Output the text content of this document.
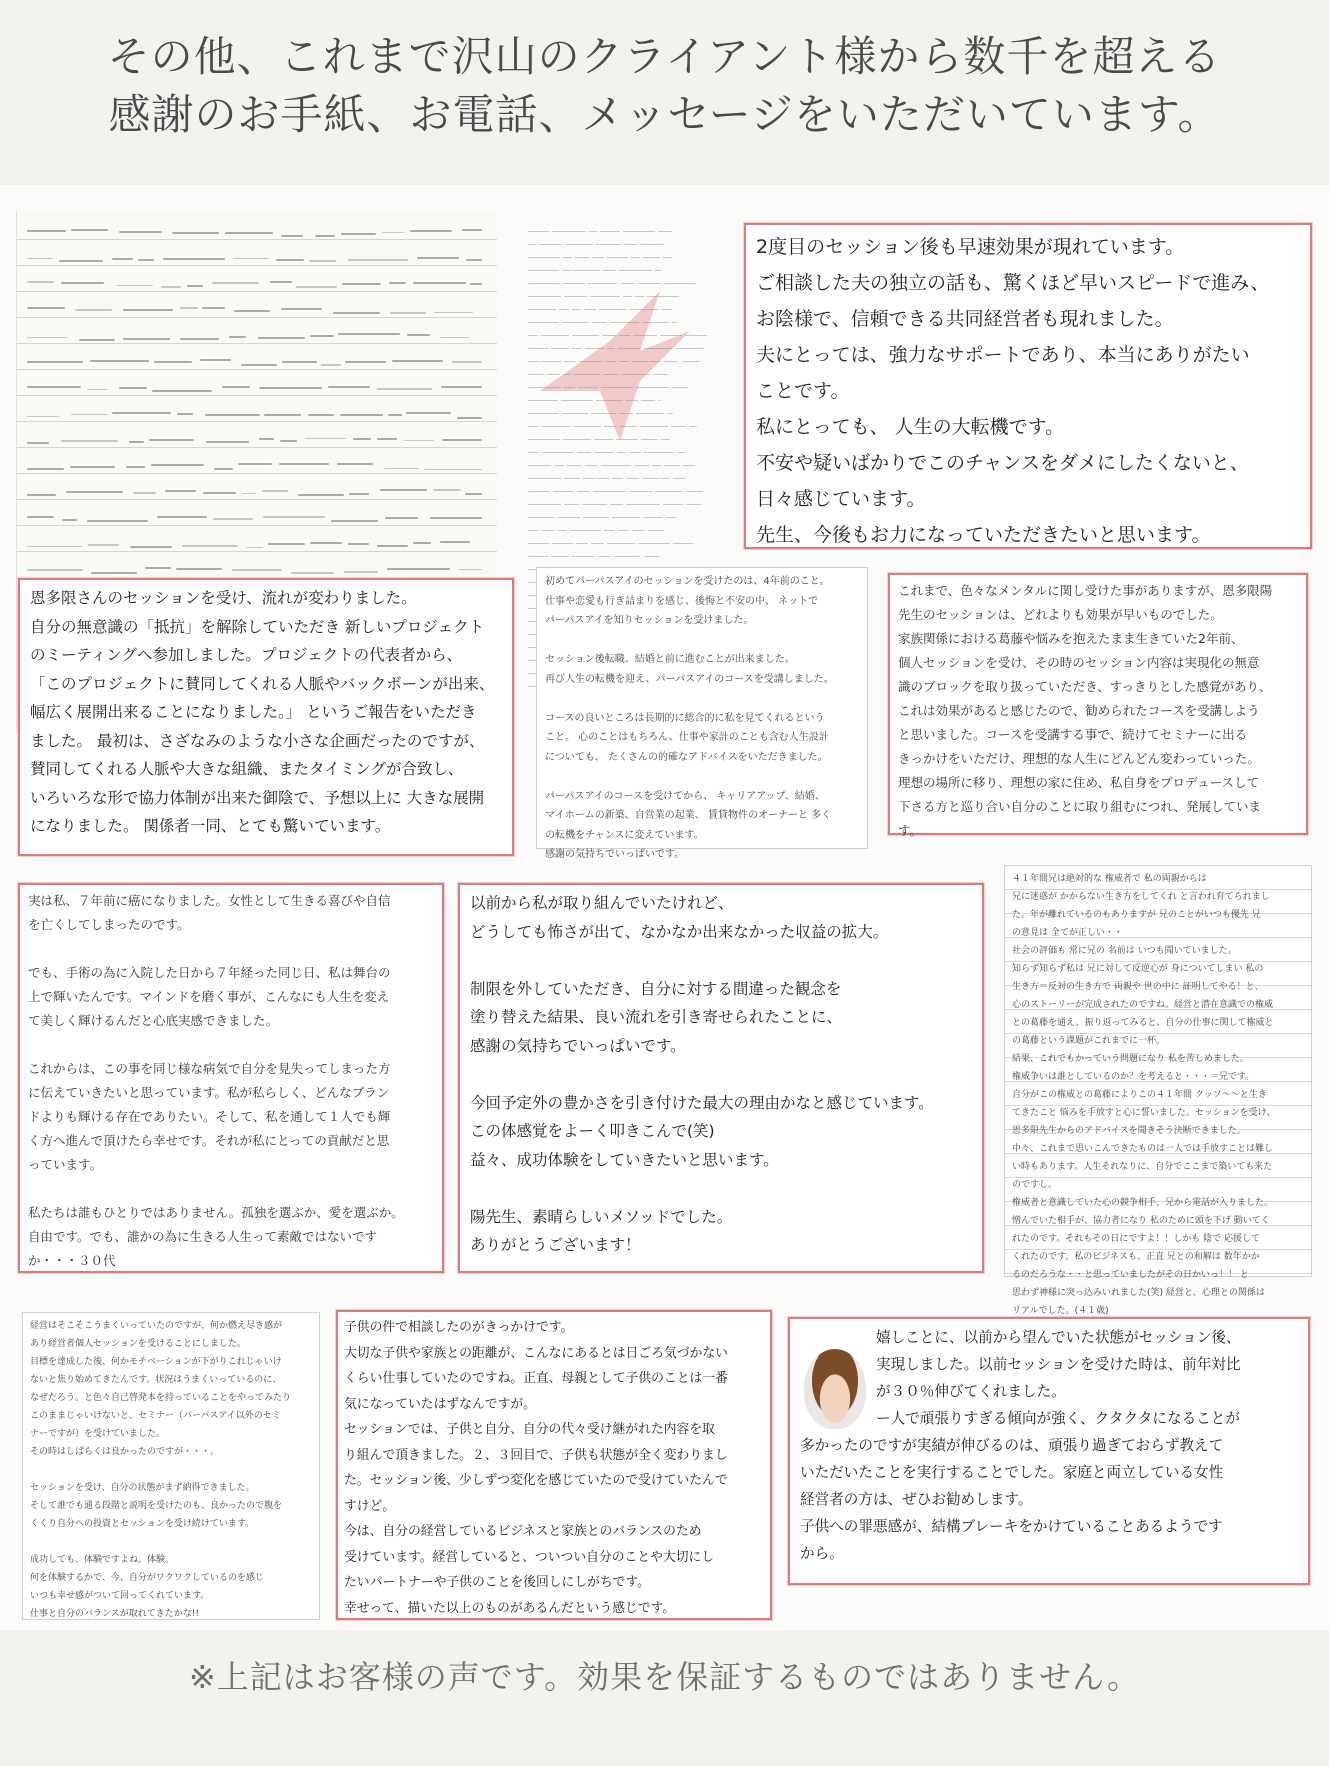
その他、これまで沢山のクライアント様から数千を超える
感謝のお手紙、お電話、メッセージをいただいています。

2度目のセッション後も早速効果が現れています。
ご相談した夫の独立の話も、驚くほど早いスピードで進み、
お陰様で、信頼できる共同経営者も現れました。
夫にとっては、強力なサポートであり、本当にありがたい
ことです。
私にとっても、 人生の大転機です。
不安や疑いばかりでこのチャンスをダメにしたくないと、
日々感じています。
先生、今後もお力になっていただきたいと思います。

恩多限さんのセッションを受け、流れが変わりました。
自分の無意識の「抵抗」を解除していただき 新しいプロジェクト
のミーティングへ参加しました。プロジェクトの代表者から、
「このプロジェクトに賛同してくれる人脈やバックボーンが出来、
幅広く展開出来ることになりました。」 というご報告をいただき
ました。 最初は、さざなみのような小さな企画だったのですが、
賛同してくれる人脈や大きな組織、またタイミングが合致し、
いろいろな形で協力体制が出来た御陰で、予想以上に 大きな展開
になりました。 関係者一同、とても驚いています。

初めてパーパスアイのセッションを受けたのは、4年前のこと。
仕事や恋愛も行き詰まりを感じ、後悔と不安の中、 ネットで
パーパスアイを知りセッションを受けました。

セッション後転職、結婚と前に進むことが出来ました。
再び人生の転機を迎え、パーパスアイのコースを受講しました。

コースの良いところは長期的に総合的に私を見てくれるという
こと。 心のことはもちろん、仕事や家計のことも含む人生設計
についても、 たくさんの的確なアドバイスをいただきました。

パーパスアイのコースを受けてから、 キャリアアップ、結婚、
マイホームの新築、自営業の起業、 賃貸物件のオーナーと 多く
の転機をチャンスに変えています。
感謝の気持ちでいっぱいです。

これまで、色々なメンタルに関し受けた事がありますが、恩多限陽
先生のセッションは、どれよりも効果が早いものでした。
家族関係における葛藤や悩みを抱えたまま生きていた2年前、
個人セッションを受け、その時のセッション内容は実現化の無意
識のブロックを取り扱っていただき、すっきりとした感覚があり、
これは効果があると感じたので、勧められたコースを受講しよう
と思いました。コースを受講する事で、続けてセミナーに出る
きっかけをいただけ、理想的な人生にどんどん変わっていった。
理想の場所に移り、理想の家に住め、私自身をプロデュースして
下さる方と巡り合い自分のことに取り組むにつれ、発展していま
す。

実は私、７年前に癌になりました。女性として生きる喜びや自信
を亡くしてしまったのです。

でも、手術の為に入院した日から７年経った同じ日、私は舞台の
上で輝いたんです。マインドを磨く事が、こんなにも人生を変え
て美しく輝けるんだと心底実感できました。

これからは、この事を同じ様な病気で自分を見失ってしまった方
に伝えていきたいと思っています。私が私らしく、どんなブラン
ドよりも輝ける存在でありたい。そして、私を通して１人でも輝
く方へ進んで頂けたら幸せです。それが私にとっての貢献だと思
っています。

私たちは誰もひとりではありません。孤独を選ぶか、愛を選ぶか。
自由です。でも、誰かの為に生きる人生って素敵ではないです
か・・・３０代

以前から私が取り組んでいたけれど、
どうしても怖さが出て、なかなか出来なかった収益の拡大。

制限を外していただき、自分に対する間違った観念を
塗り替えた結果、良い流れを引き寄せられたことに、
感謝の気持ちでいっぱいです。

今回予定外の豊かさを引き付けた最大の理由かなと感じています。
この体感覚をよーく叩きこんで(笑)
益々、成功体験をしていきたいと思います。

陽先生、素晴らしいメソッドでした。
ありがとうございます！

４１年間兄は絶対的な 権威者で 私の両親からは
兄に迷惑が かからない生き方をしてくれ と言われ育てられまし
た。年が離れているのもありますが 兄のことがいつも優先 兄
の意見は 全てが正しい・・
社会の評価も 常に兄の 名前は いつも聞いていました。
知らず知らず私は 兄に対して反逆心が 身についてしまい 私の
生き方＝反対の生き方で 両親や 世の中に 証明してやる！と、
心のストーリーが完成されたのですね。経営と潜在意識での権威
との葛藤を通え、振り返ってみると、自分の仕事に関して権威と
の葛藤という課題がこれまでに一杯。
結果、これでもかっていう問題になり 私を苦しめました。
権威争いは誰としているのか？を考えると・・・＝兄です。
自分がこの権威との葛藤によりこの４１年間 クッソ〜〜と生き
てきたこと 悩みを手放すと心に誓いました。セッションを受け、
恩多限先生からのアドバイスを聞きそう決断できました。
中々、これまで思いこんできたものは一人では手放すことは難し
い時もあります。人生それなりに、自分でここまで築いても来た
のですし。
権威者と意識していた心の競争相手、兄から電話が入りました。
憎んでいた相手が、協力者になり 私のために頭を下げ 動いてく
れたのです。それもその日にですよ！！しかも 陰で 応援して
くれたのです。私のビジネスも、正直 兄との和解は 数年かか
るのだろうな・・と思っていましたがその日かいっ！！ と
思わず神様に突っ込みいれました(笑) 経営と、心理との関係は
リアルでした。(４１歳)

経営はそこそこうまくいっていたのですが、何か燃え尽き感が
あり経営者個人セッションを受けることにしました。
目標を達成した後、何かモチベーションが下がりこれじゃいけ
ないと焦り始めてきたんです。状況はうまくいっているのに、
なぜだろう。と色々自己啓発本を持っていることをやってみたり
このままじゃいけないと、セミナー（パーパスアイ以外のセミ
ナーですが）を受けていました。
その時はしばらくは良かったのですが・・・。

セッションを受け、自分の状態がまず納得できました。
そして誰でも通る段階と説明を受けたのも、良かったので腹を
くくり自分への投資とセッションを受け続けています。

成功しても、体験ですよね。体験。
何を体験するかで、今、自分がワクワクしているのを感じ
いつも幸せ感がついて回ってくれています。
仕事と自分のバランスが取れてきたかな!!

子供の件で相談したのがきっかけです。
大切な子供や家族との距離が、こんなにあるとは日ごろ気づかない
くらい仕事していたのですね。正直、母親として子供のことは一番
気になっていたはずなんですが。
セッションでは、子供と自分、自分の代々受け継がれた内容を取
り組んで頂きました。２、３回目で、子供も状態が全く変わりまし
た。セッション後、少しずつ変化を感じていたので受けていたんで
すけど。
今は、自分の経営しているビジネスと家族とのバランスのため
受けています。経営していると、ついつい自分のことや大切にし
たいパートナーや子供のことを後回しにしがちです。
幸せって、描いた以上のものがあるんだという感じです。

嬉しことに、以前から望んでいた状態がセッション後、
実現しました。以前セッションを受けた時は、前年対比
が３０％伸びてくれました。
ー人で頑張りすぎる傾向が強く、クタクタになることが

多かったのですが実績が伸びるのは、頑張り過ぎておらず教えて
いただいたことを実行することでした。家庭と両立している女性
経営者の方は、ぜひお勧めします。
子供への罪悪感が、結構ブレーキをかけていることあるようです
から。

※上記はお客様の声です。効果を保証するものではありません。
